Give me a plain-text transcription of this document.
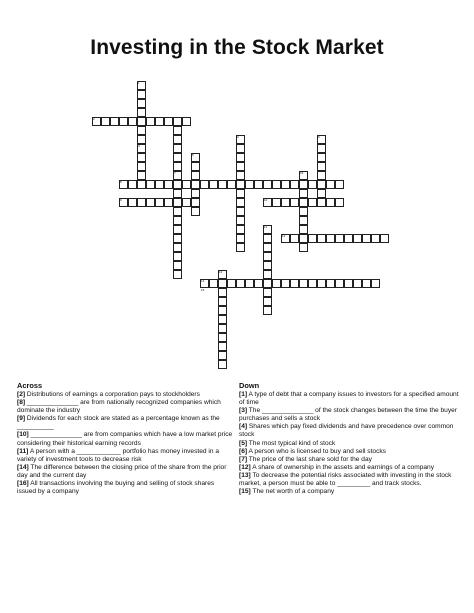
Investing in the Stock Market
1
2
3
4
5
6
7
8
9	10
11
12
13
14
15
16
Across

[2] Distributions of earnings a corporation pays to stockholders

[8] ______________ are from nationally recognized companies which dominate the industry

[9] Dividends for each stock are stated as a percentage known as the __________

[10] ______________ are from companies which have a low market price considering their historical earning records

[11] A person with a ____________ portfolio has money invested in a variety of investment tools to decrease risk

[14] The difference between the closing price of the share from the prior day and the current day

[16] All transactions involving the buying and selling of stock shares issued by a company

Down

[1] A type of debt that a company issues to investors for a specified amount of time

[3] The ______________ of the stock changes between the time the buyer purchases and sells a stock

[4] Shares which pay fixed dividends and have precedence over common stock

[5] The most typical kind of stock

[6] A person who is licensed to buy and sell stocks

[7] The price of the last share sold for the day

[12] A share of ownership in the assets and earnings of a company

[13] To decrease the potential risks associated with investing in the stock market, a person must be able to _________ and track stocks.

[15] The net worth of a company
